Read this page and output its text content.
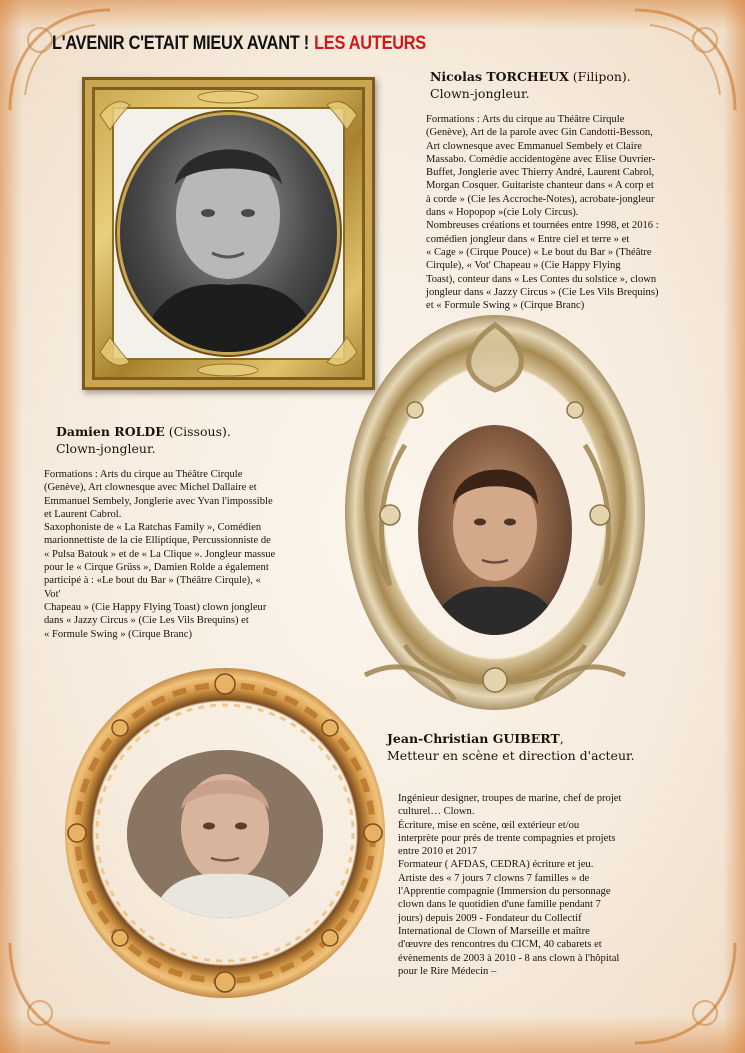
L'AVENIR C'ETAIT MIEUX AVANT ! LES AUTEURS
Nicolas TORCHEUX (Filipon).
Clown-jongleur.
Formations : Arts du cirque au Théâtre Cirqule
(Genève), Art de la parole avec Gin Candotti-Besson,
Art clownesque avec Emmanuel Sembely et Claire
Massabo. Comédie accidentogène avec Elise Ouvrier-
Buffet, Jonglerie avec Thierry André, Laurent Cabrol,
Morgan Cosquer. Guitariste chanteur dans « A corp et
à corde » (Cie les Accroche-Notes), acrobate-jongleur
dans « Hopopop »(cie Loly Circus).
Nombreuses créations et tournées entre 1998, et 2016 :
comédien jongleur dans « Entre ciel et terre » et
« Cage » (Cirque Pouce) « Le bout du Bar » (Théâtre
Cirqule), « Vot' Chapeau » (Cie Happy Flying
Toast), conteur dans « Les Contes du solstice », clown
jongleur dans « Jazzy Circus » (Cie Les Vils Brequins)
et « Formule Swing » (Cirque Branc)
Damien ROLDE (Cissous).
Clown-jongleur.
Formations : Arts du cirque au Théâtre Cirqule
(Genève), Art clownesque avec Michel Dallaire et
Emmanuel Sembely, Jonglerie avec Yvan l'impossible
et Laurent Cabrol.
Saxophoniste de « La Ratchas Family », Comédien
marionnettiste de la cie Elliptique, Percussionniste de
« Pulsa Batouk » et de « La Clique ». Jongleur massue
pour le « Cirque Grüss », Damien Rolde a également
participé à : «Le bout du Bar » (Théâtre Cirqule), «
Vot'
Chapeau » (Cie Happy Flying Toast) clown jongleur
dans « Jazzy Circus » (Cie Les Vils Brequins) et
« Formule Swing » (Cirque Branc)
Jean-Christian GUIBERT,
Metteur en scène et direction d'acteur.
Ingénieur designer, troupes de marine, chef de projet
culturel… Clown.
Écriture, mise en scène, œil extérieur et/ou
interprète pour prés de trente compagnies et projets
entre 2010 et 2017
Formateur ( AFDAS, CEDRA) écriture et jeu.
Artiste des « 7 jours 7 clowns 7 familles » de
l'Apprentie compagnie (Immersion du personnage
clown dans le quotidien d'une famille pendant 7
jours) depuis 2009 - Fondateur du Collectif
International de Clown of Marseille et maître
d'œuvre des rencontres du CICM, 40 cabarets et
évènements de 2003 à 2010 - 8 ans clown à l'hôpital
pour le Rire Médecin –
